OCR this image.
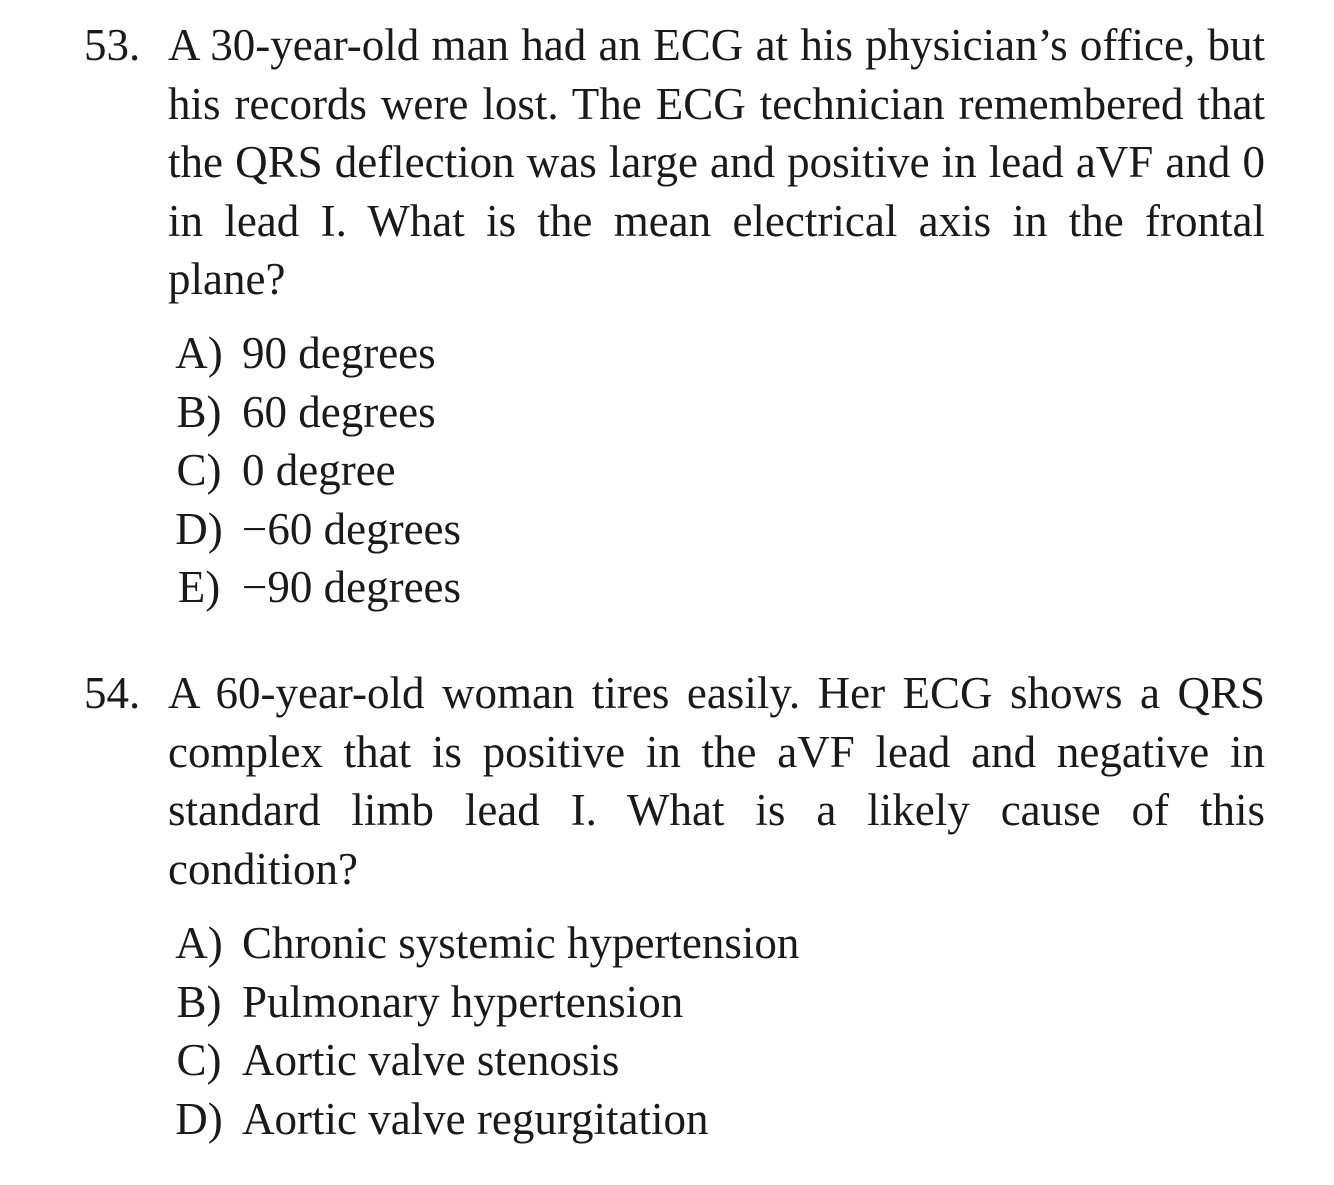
53. A 30-year-old man had an ECG at his physician’s office, but his records were lost. The ECG technician remembered that the QRS deflection was large and positive in lead aVF and 0 in lead I. What is the mean electrical axis in the frontal plane?
A) 90 degrees
B) 60 degrees
C) 0 degree
D) −60 degrees
E) −90 degrees
54. A 60-year-old woman tires easily. Her ECG shows a QRS complex that is positive in the aVF lead and negative in standard limb lead I. What is a likely cause of this condition?
A) Chronic systemic hypertension
B) Pulmonary hypertension
C) Aortic valve stenosis
D) Aortic valve regurgitation
